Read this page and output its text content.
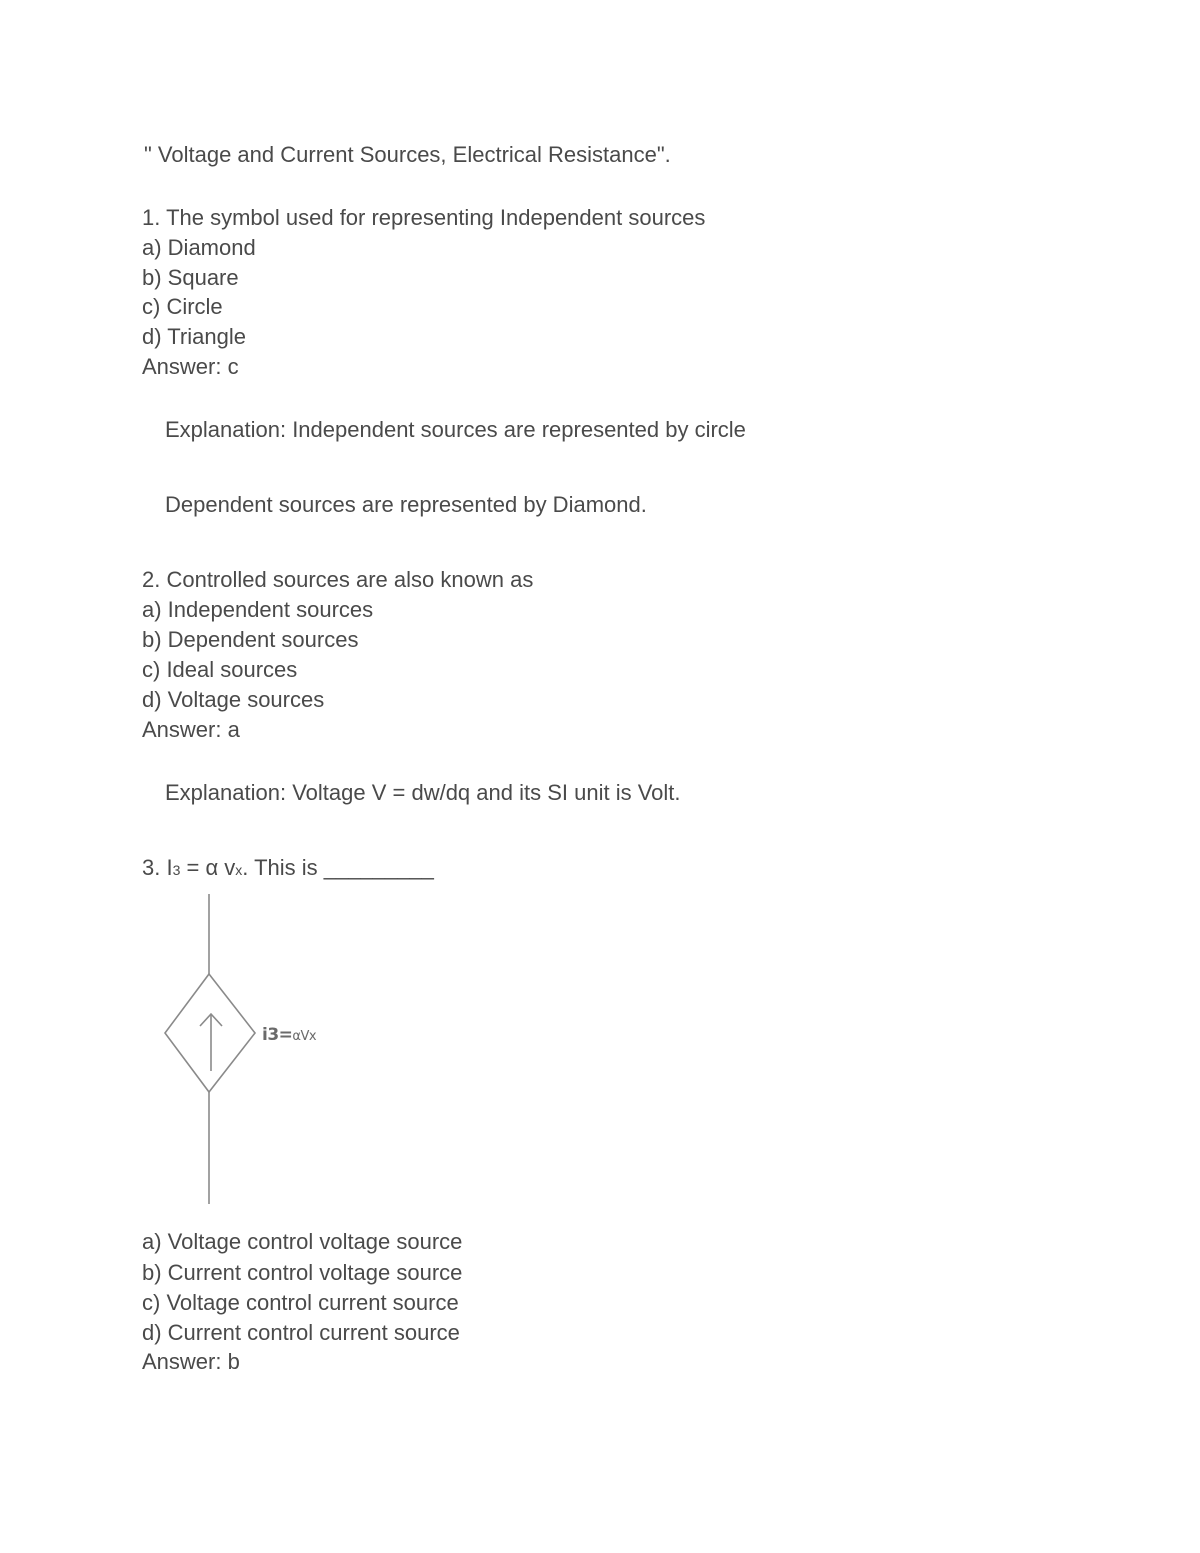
" Voltage and Current Sources, Electrical Resistance".
1. The symbol used for representing Independent sources
a) Diamond
b) Square
c) Circle
d) Triangle
Answer: c
Explanation: Independent sources are represented by circle
Dependent sources are represented by Diamond.
2. Controlled sources are also known as
a) Independent sources
b) Dependent sources
c) Ideal sources
d) Voltage sources
Answer: a
Explanation: Voltage V = dw/dq and its SI unit is Volt.
3. I3 = α vx. This is _________
i3=αVx
a) Voltage control voltage source
b) Current control voltage source
c) Voltage control current source
d) Current control current source
Answer: b
